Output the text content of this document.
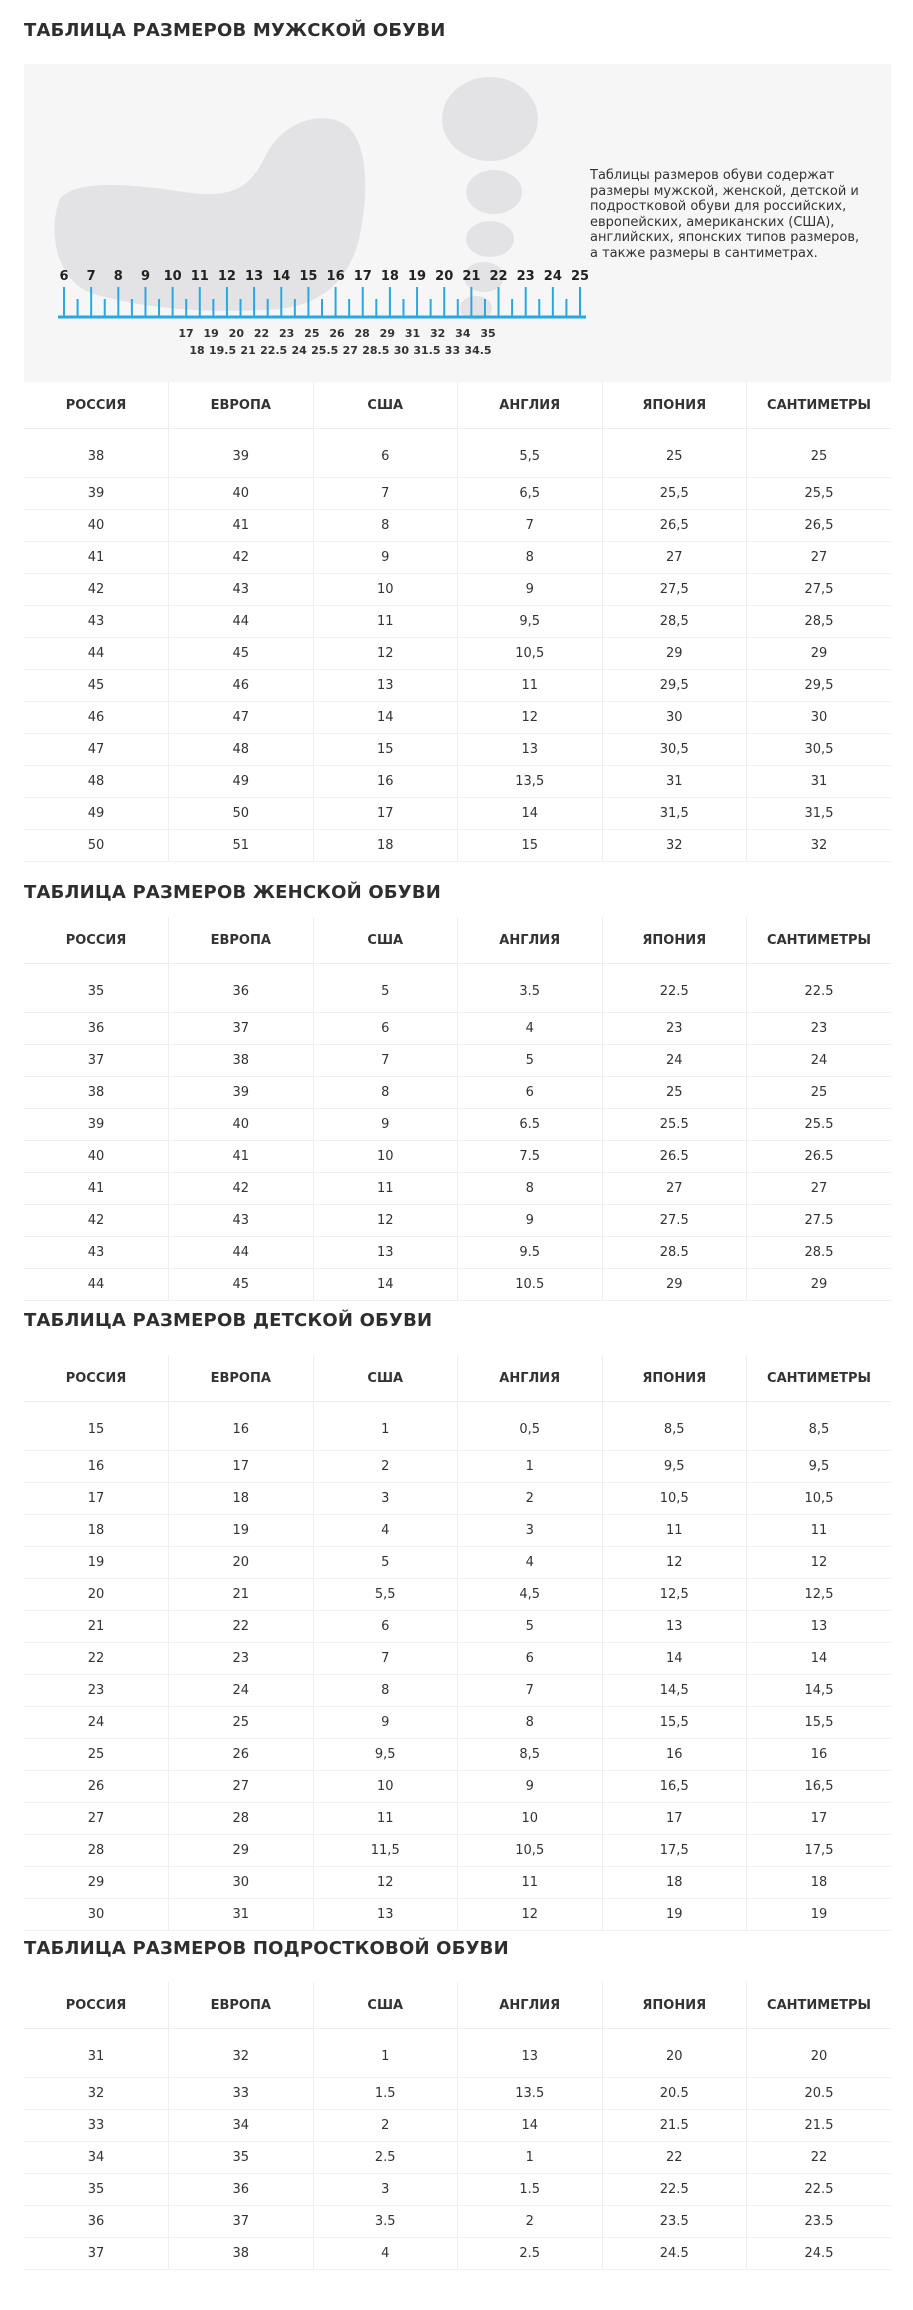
ТАБЛИЦА РАЗМЕРОВ МУЖСКОЙ ОБУВИ
6 7 8 9 10 11 12 13 14 15 16 17 18 19 20 21 22 23 24 25
17 19 20 22 23 25 26 28 29 31 32 34 35
18 19.5 21 22.5 24 25.5 27 28.5 30 31.5 33 34.5
Таблицы размеров обуви содержат размеры мужской, женской, детской и подростковой обуви для российских, европейских, американских (США), английских, японских типов размеров, а также размеры в сантиметрах.
РОССИЯ	ЕВРОПА	США	АНГЛИЯ	ЯПОНИЯ	САНТИМЕТРЫ
38	39	6	5,5	25	25
39	40	7	6,5	25,5	25,5
40	41	8	7	26,5	26,5
41	42	9	8	27	27
42	43	10	9	27,5	27,5
43	44	11	9,5	28,5	28,5
44	45	12	10,5	29	29
45	46	13	11	29,5	29,5
46	47	14	12	30	30
47	48	15	13	30,5	30,5
48	49	16	13,5	31	31
49	50	17	14	31,5	31,5
50	51	18	15	32	32
ТАБЛИЦА РАЗМЕРОВ ЖЕНСКОЙ ОБУВИ
РОССИЯ	ЕВРОПА	США	АНГЛИЯ	ЯПОНИЯ	САНТИМЕТРЫ
35	36	5	3.5	22.5	22.5
36	37	6	4	23	23
37	38	7	5	24	24
38	39	8	6	25	25
39	40	9	6.5	25.5	25.5
40	41	10	7.5	26.5	26.5
41	42	11	8	27	27
42	43	12	9	27.5	27.5
43	44	13	9.5	28.5	28.5
44	45	14	10.5	29	29
ТАБЛИЦА РАЗМЕРОВ ДЕТСКОЙ ОБУВИ
РОССИЯ	ЕВРОПА	США	АНГЛИЯ	ЯПОНИЯ	САНТИМЕТРЫ
15	16	1	0,5	8,5	8,5
16	17	2	1	9,5	9,5
17	18	3	2	10,5	10,5
18	19	4	3	11	11
19	20	5	4	12	12
20	21	5,5	4,5	12,5	12,5
21	22	6	5	13	13
22	23	7	6	14	14
23	24	8	7	14,5	14,5
24	25	9	8	15,5	15,5
25	26	9,5	8,5	16	16
26	27	10	9	16,5	16,5
27	28	11	10	17	17
28	29	11,5	10,5	17,5	17,5
29	30	12	11	18	18
30	31	13	12	19	19
ТАБЛИЦА РАЗМЕРОВ ПОДРОСТКОВОЙ ОБУВИ
РОССИЯ	ЕВРОПА	США	АНГЛИЯ	ЯПОНИЯ	САНТИМЕТРЫ
31	32	1	13	20	20
32	33	1.5	13.5	20.5	20.5
33	34	2	14	21.5	21.5
34	35	2.5	1	22	22
35	36	3	1.5	22.5	22.5
36	37	3.5	2	23.5	23.5
37	38	4	2.5	24.5	24.5
